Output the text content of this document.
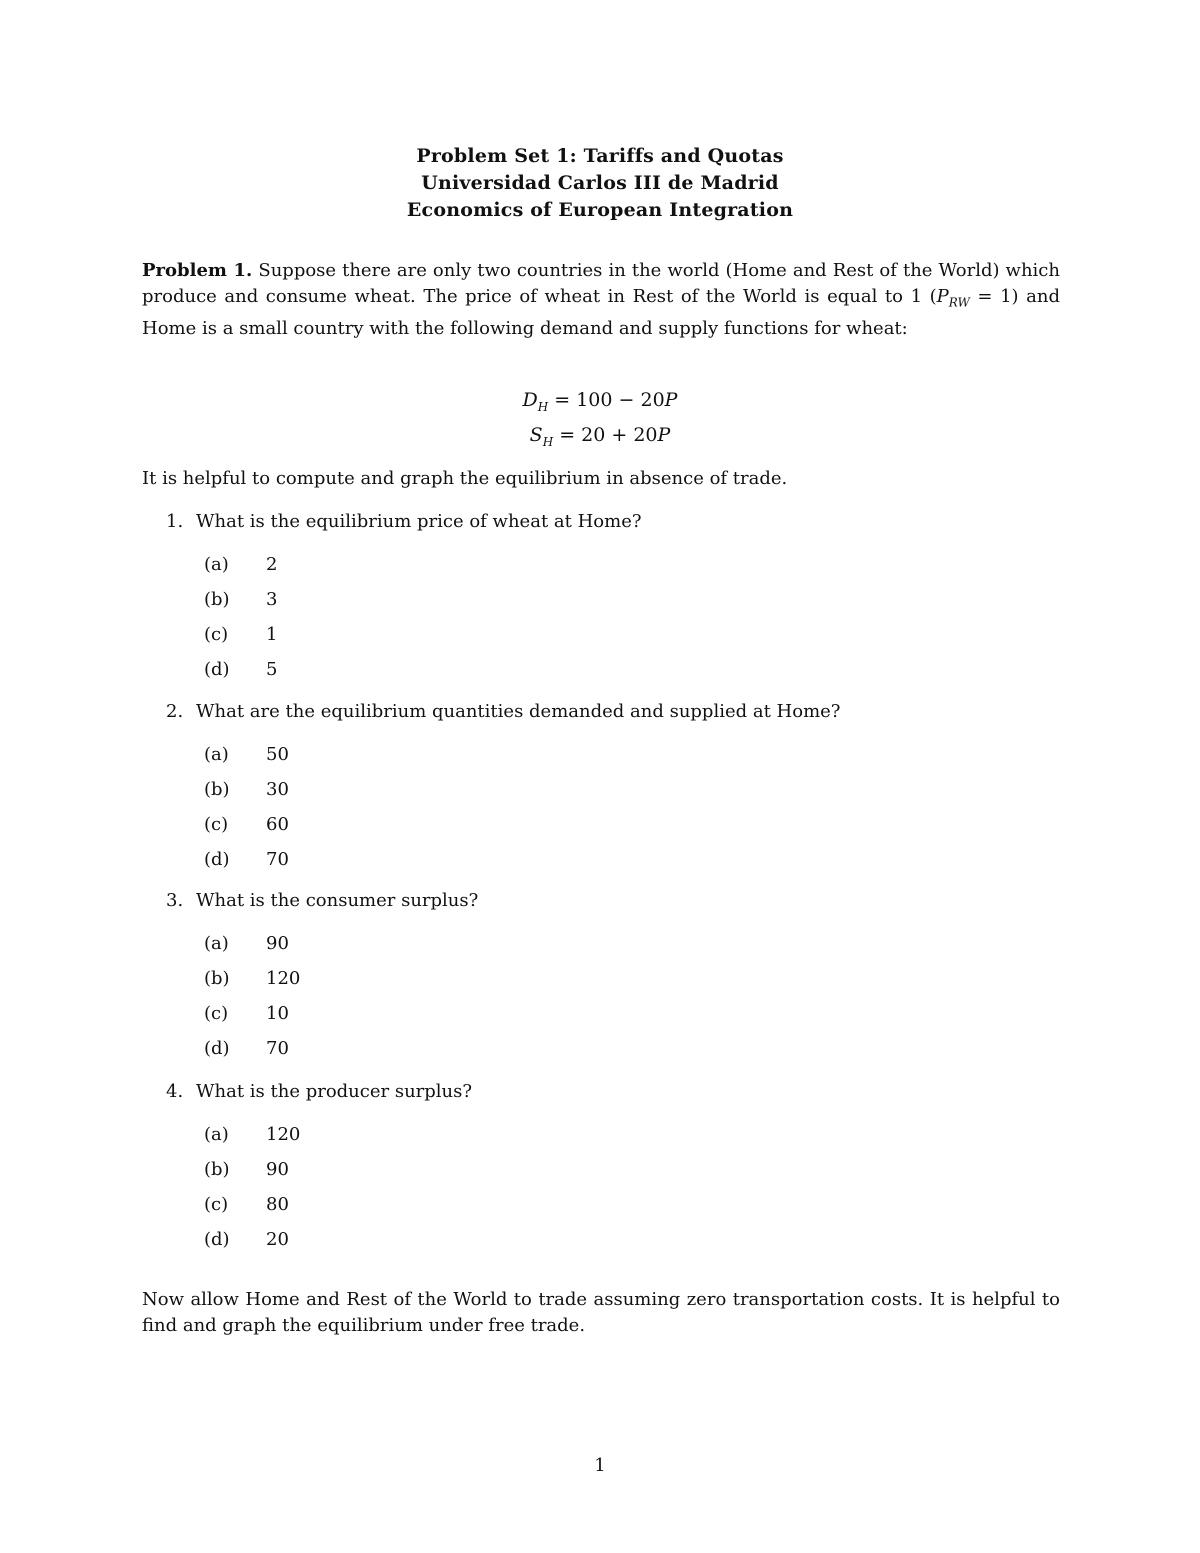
Problem Set 1: Tariffs and Quotas
Universidad Carlos III de Madrid
Economics of European Integration
Problem 1. Suppose there are only two countries in the world (Home and Rest of the World) which produce and consume wheat. The price of wheat in Rest of the World is equal to 1 $(P_{RW} = 1)$ and Home is a small country with the following demand and supply functions for wheat:
$D_H = 100 - 20P$
$S_H = 20 + 20P$
It is helpful to compute and graph the equilibrium in absence of trade.
1. What is the equilibrium price of wheat at Home?
(a) 2
(b) 3
(c) 1
(d) 5
2. What are the equilibrium quantities demanded and supplied at Home?
(a) 50
(b) 30
(c) 60
(d) 70
3. What is the consumer surplus?
(a) 90
(b) 120
(c) 10
(d) 70
4. What is the producer surplus?
(a) 120
(b) 90
(c) 80
(d) 20
Now allow Home and Rest of the World to trade assuming zero transportation costs. It is helpful to find and graph the equilibrium under free trade.
1
